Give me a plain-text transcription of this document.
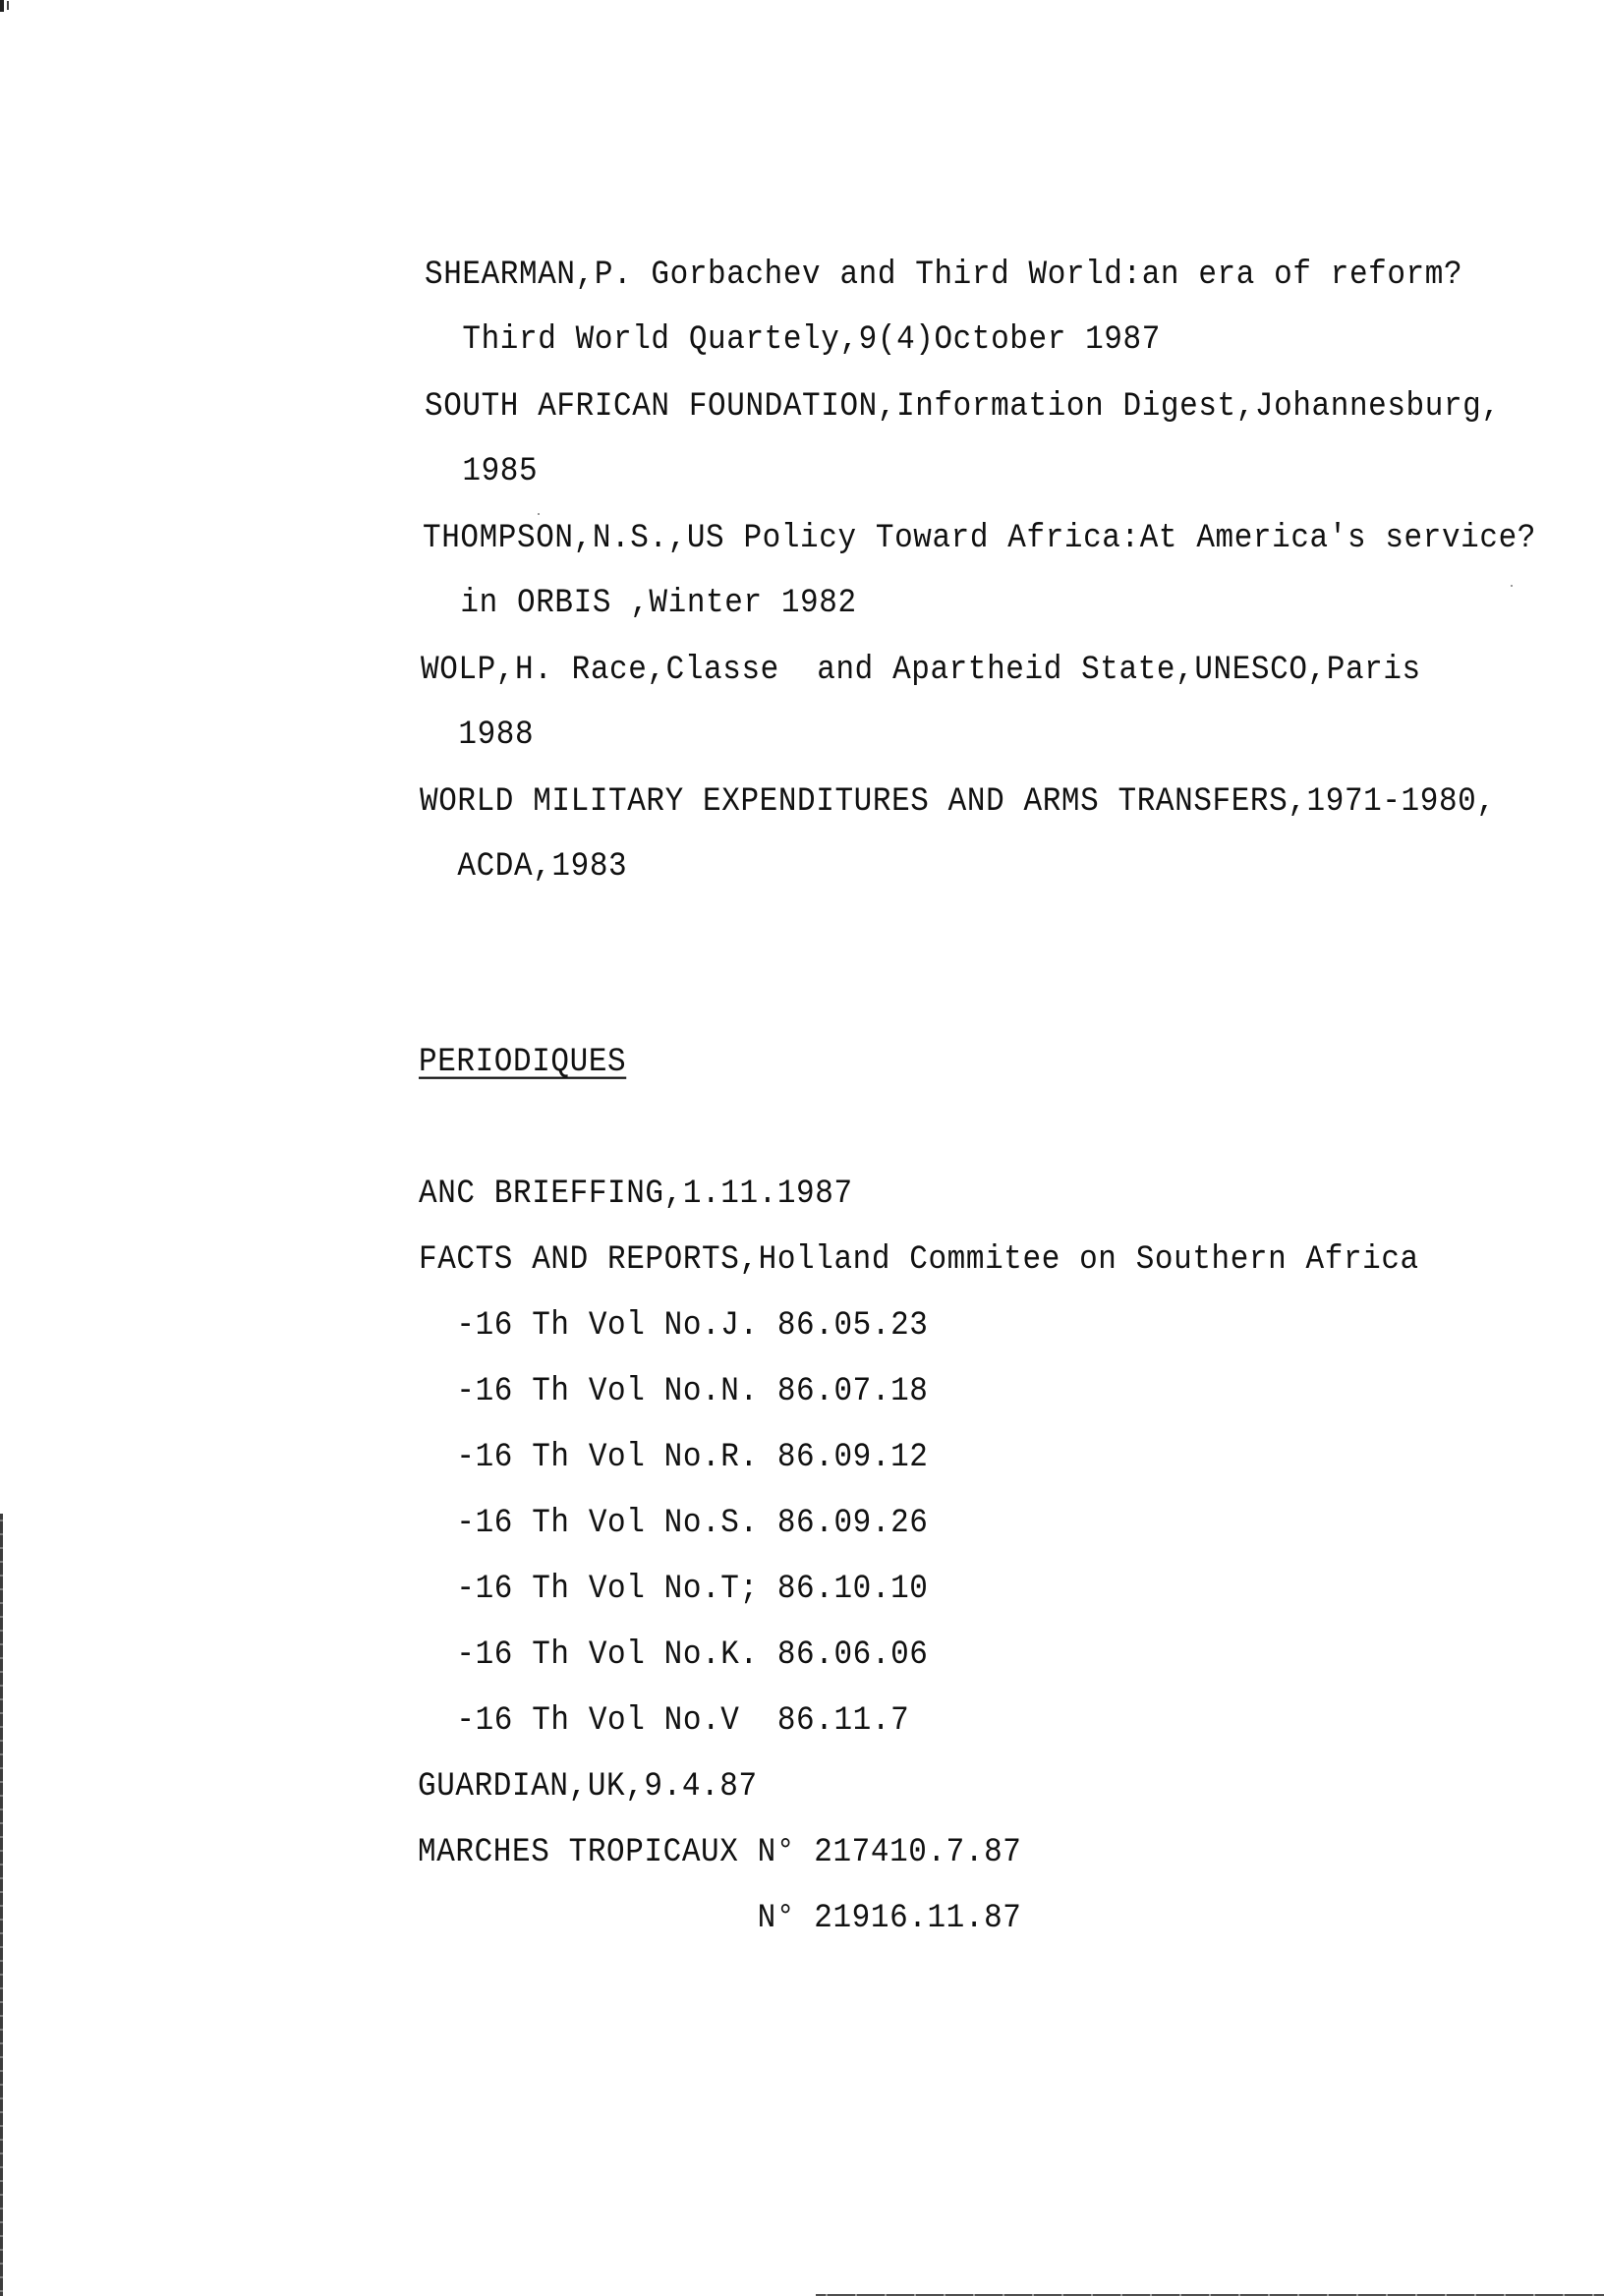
SHEARMAN,P. Gorbachev and Third World:an era of reform?
Third World Quartely,9(4)October 1987
SOUTH AFRICAN FOUNDATION,Information Digest,Johannesburg,
1985
THOMPSON,N.S.,US Policy Toward Africa:At America's service?
in ORBIS ,Winter 1982
WOLP,H. Race,Classe  and Apartheid State,UNESCO,Paris
1988
WORLD MILITARY EXPENDITURES AND ARMS TRANSFERS,1971-1980,
ACDA,1983
PERIODIQUES
ANC BRIEFFING,1.11.1987
FACTS AND REPORTS,Holland Commitee on Southern Africa
-16 Th Vol No.J. 86.05.23
-16 Th Vol No.N. 86.07.18
-16 Th Vol No.R. 86.09.12
-16 Th Vol No.S. 86.09.26
-16 Th Vol No.T; 86.10.10
-16 Th Vol No.K. 86.06.06
-16 Th Vol No.V  86.11.7
GUARDIAN,UK,9.4.87
MARCHES TROPICAUX N° 217410.7.87
N° 21916.11.87
